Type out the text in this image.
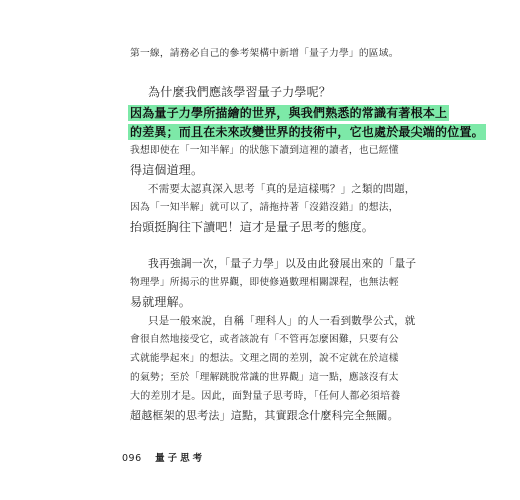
第一線，請務必自己的參考架構中新增「量子力學」的區域。
為什麼我們應該學習量子力學呢？
因為量子力學所描繪的世界，與我們熟悉的常識有著根本上
的差異；而且在未來改變世界的技術中，它也處於最尖端的位置。
我想即使在「一知半解」的狀態下讀到這裡的讀者，也已經懂
得這個道理。
不需要太認真深入思考「真的是這樣嗎？」之類的問題，
因為「一知半解」就可以了，請拖持著「沒錯沒錯」的想法，
抬頭挺胸往下讀吧！這才是量子思考的態度。
我再強調一次，「量子力學」以及由此發展出來的「量子
物理學」所揭示的世界觀，即使修過數理相關課程，也無法輕
易就理解。
只是一般來說，自稱「理科人」的人一看到數學公式，就
會很自然地接受它，或者該說有「不管再怎麼困難，只要有公
式就能學起來」的想法。文理之間的差別，說不定就在於這樣
的氣勢；至於「理解跳脫常識的世界觀」這一點，應該沒有太
大的差別才是。因此，面對量子思考時，「任何人都必須培養
超越框架的思考法」這點，其實跟念什麼科完全無關。
096 量子思考
